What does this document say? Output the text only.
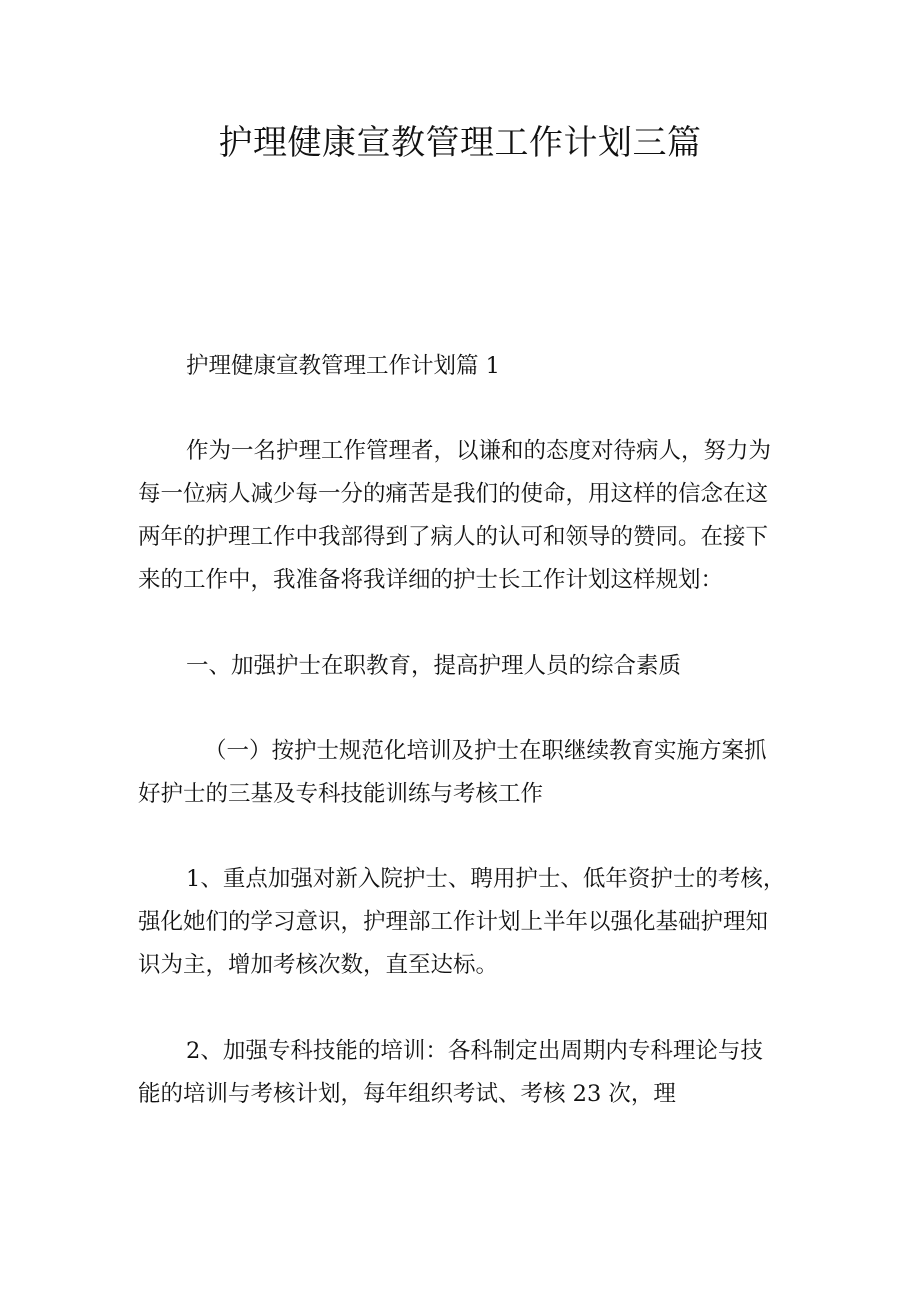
护理健康宣教管理工作计划三篇

护理健康宣教管理工作计划篇 1

作为一名护理工作管理者，以谦和的态度对待病人，努力为
每一位病人减少每一分的痛苦是我们的使命，用这样的信念在这
两年的护理工作中我部得到了病人的认可和领导的赞同。在接下
来的工作中，我准备将我详细的护士长工作计划这样规划：

一、加强护士在职教育，提高护理人员的综合素质

（一）按护士规范化培训及护士在职继续教育实施方案抓
好护士的三基及专科技能训练与考核工作

1、重点加强对新入院护士、聘用护士、低年资护士的考核，
强化她们的学习意识，护理部工作计划上半年以强化基础护理知
识为主，增加考核次数，直至达标。

2、加强专科技能的培训：各科制定出周期内专科理论与技
能的培训与考核计划，每年组织考试、考核 23 次，理
